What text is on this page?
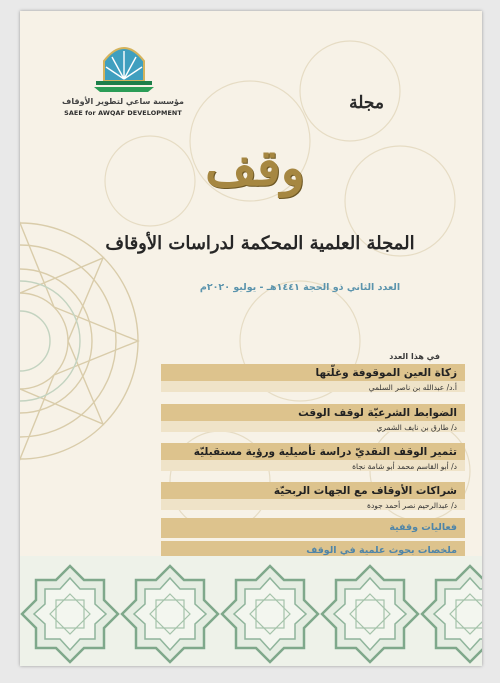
مؤسسة ساعي لتطوير الأوقاف
SAEE for AWQAF DEVELOPMENT	مجلة
وقف
المجلة العلمية المحكمة لدراسات الأوقاف
العدد الثاني ذو الحجة ١٤٤١هـ - يوليو ٢٠٢٠م
في هذا العدد
زكاة العين الموقوفة وغلّتها
أ.د/ عبدالله بن ناصر السلمي
الضوابط الشرعيّة لوقف الوقت
د/ طارق بن نايف الشمري
تثمير الوقف النقديّ دراسة تأصيلية ورؤية مستقبليّة
د/ أبو القاسم محمد أبو شامة نجاة
شراكات الأوقاف مع الجهات الربحيّة
د/ عبدالرحيم نصر أحمد جودة
فعاليات وقفية
ملخصات بحوث علمية في الوقف
